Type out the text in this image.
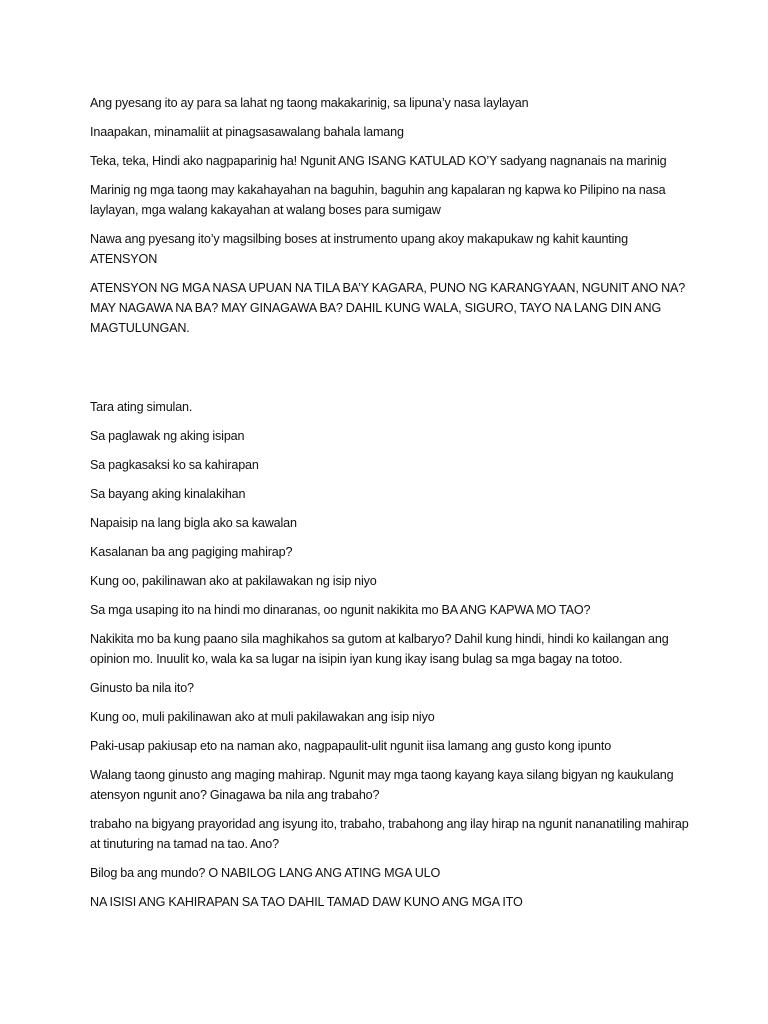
Ang pyesang ito ay para sa lahat ng taong makakarinig, sa lipuna’y nasa laylayan

Inaapakan, minamaliit at pinagsasawalang bahala lamang

Teka, teka, Hindi ako nagpaparinig ha! Ngunit ANG ISANG KATULAD KO’Y sadyang nagnanais na marinig

Marinig ng mga taong may kakahayahan na baguhin, baguhin ang kapalaran ng kapwa ko Pilipino na nasa laylayan, mga walang kakayahan at walang boses para sumigaw

Nawa ang pyesang ito’y magsilbing boses at instrumento upang akoy makapukaw ng kahit kaunting ATENSYON

ATENSYON NG MGA NASA UPUAN NA TILA BA’Y KAGARA, PUNO NG KARANGYAAN, NGUNIT ANO NA? MAY NAGAWA NA BA? MAY GINAGAWA BA? DAHIL KUNG WALA, SIGURO, TAYO NA LANG DIN ANG MAGTULUNGAN.

Tara ating simulan.

Sa paglawak ng aking isipan

Sa pagkasaksi ko sa kahirapan

Sa bayang aking kinalakihan

Napaisip na lang bigla ako sa kawalan

Kasalanan ba ang pagiging mahirap?

Kung oo, pakilinawan ako at pakilawakan ng isip niyo

Sa mga usaping ito na hindi mo dinaranas, oo ngunit nakikita mo BA ANG KAPWA MO TAO?

Nakikita mo ba kung paano sila maghikahos sa gutom at kalbaryo? Dahil kung hindi, hindi ko kailangan ang opinion mo. Inuulit ko, wala ka sa lugar na isipin iyan kung ikay isang bulag sa mga bagay na totoo.

Ginusto ba nila ito?

Kung oo, muli pakilinawan ako at muli pakilawakan ang isip niyo

Paki-usap pakiusap eto na naman ako, nagpapaulit-ulit ngunit iisa lamang ang gusto kong ipunto

Walang taong ginusto ang maging mahirap. Ngunit may mga taong kayang kaya silang bigyan ng kaukulang atensyon ngunit ano? Ginagawa ba nila ang trabaho?

trabaho na bigyang prayoridad ang isyung ito, trabaho, trabahong ang ilay hirap na ngunit nananatiling mahirap at tinuturing na tamad na tao. Ano?

Bilog ba ang mundo? O NABILOG LANG ANG ATING MGA ULO

NA ISISI ANG KAHIRAPAN SA TAO DAHIL TAMAD DAW KUNO ANG MGA ITO
